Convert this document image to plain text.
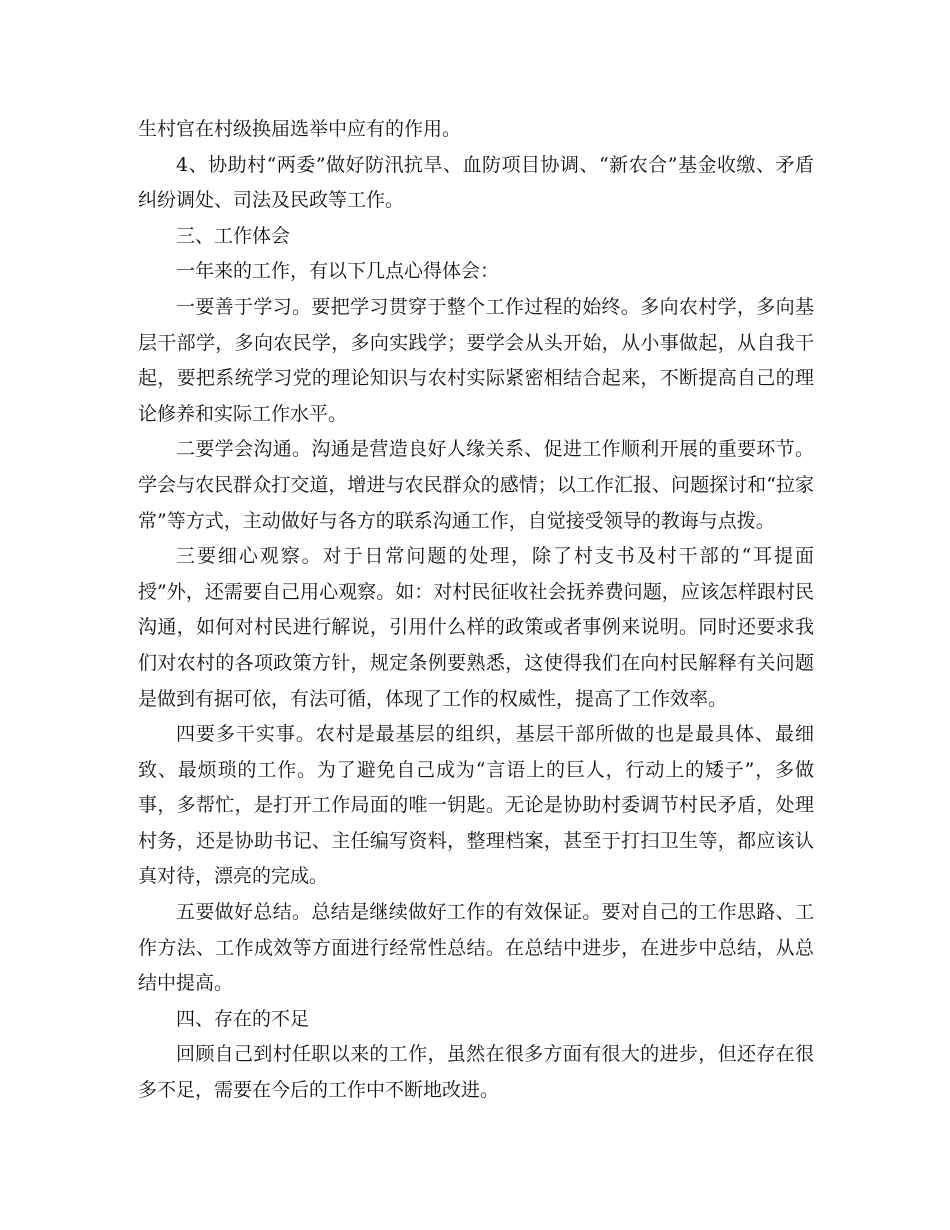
生村官在村级换届选举中应有的作用。

4、协助村“两委”做好防汛抗旱、血防项目协调、“新农合”基金收缴、矛盾纠纷调处、司法及民政等工作。

三、工作体会

一年来的工作，有以下几点心得体会：

一要善于学习。要把学习贯穿于整个工作过程的始终。多向农村学，多向基层干部学，多向农民学，多向实践学；要学会从头开始，从小事做起，从自我干起，要把系统学习党的理论知识与农村实际紧密相结合起来，不断提高自己的理论修养和实际工作水平。

二要学会沟通。沟通是营造良好人缘关系、促进工作顺利开展的重要环节。学会与农民群众打交道，增进与农民群众的感情；以工作汇报、问题探讨和“拉家常”等方式，主动做好与各方的联系沟通工作，自觉接受领导的教诲与点拨。

三要细心观察。对于日常问题的处理，除了村支书及村干部的“耳提面授”外，还需要自己用心观察。如：对村民征收社会抚养费问题，应该怎样跟村民沟通，如何对村民进行解说，引用什么样的政策或者事例来说明。同时还要求我们对农村的各项政策方针，规定条例要熟悉，这使得我们在向村民解释有关问题是做到有据可依，有法可循，体现了工作的权威性，提高了工作效率。

四要多干实事。农村是最基层的组织，基层干部所做的也是最具体、最细致、最烦琐的工作。为了避免自己成为“言语上的巨人，行动上的矮子”，多做事，多帮忙，是打开工作局面的唯一钥匙。无论是协助村委调节村民矛盾，处理村务，还是协助书记、主任编写资料，整理档案，甚至于打扫卫生等，都应该认真对待，漂亮的完成。

五要做好总结。总结是继续做好工作的有效保证。要对自己的工作思路、工作方法、工作成效等方面进行经常性总结。在总结中进步，在进步中总结，从总结中提高。

四、存在的不足

回顾自己到村任职以来的工作，虽然在很多方面有很大的进步，但还存在很多不足，需要在今后的工作中不断地改进。
